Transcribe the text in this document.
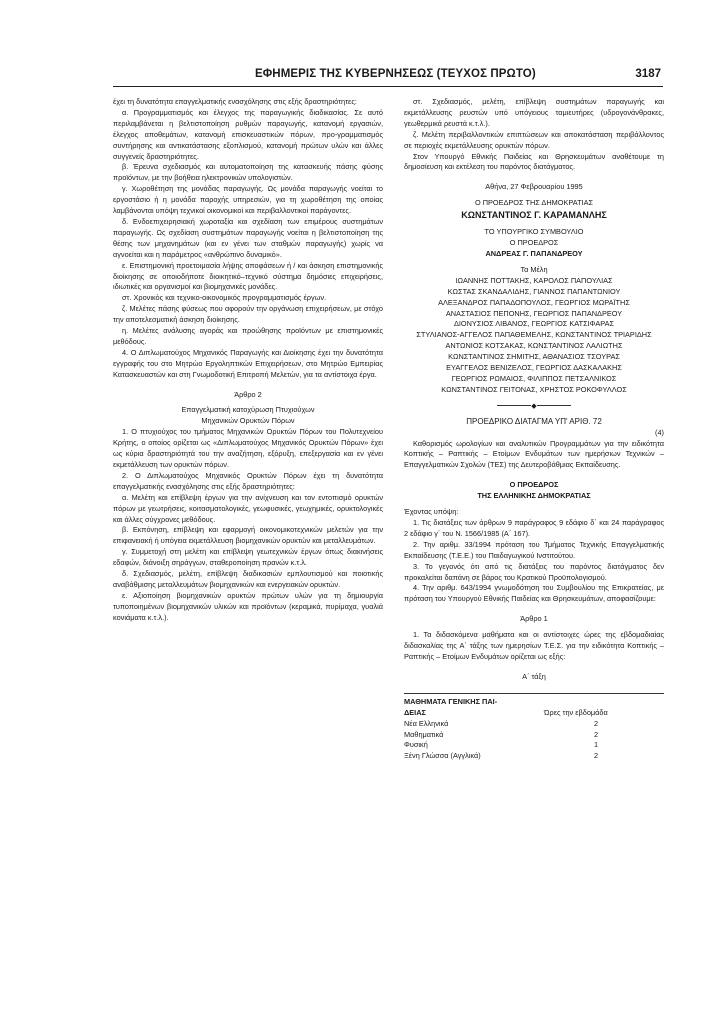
ΕΦΗΜΕΡΙΣ ΤΗΣ ΚΥΒΕΡΝΗΣΕΩΣ (ΤΕΥΧΟΣ ΠΡΩΤΟ)	3187

έχει τη δυνατότητα επαγγελματικής ενασχόλησης στις εξής δραστηριότητες:

α. Προγραμματισμός και έλεγχος της παραγωγικής διαδικασίας. Σε αυτό περιλαμβάνεται η βελτιστοποίηση ρυθμών παραγωγής, κατανομή εργασιών, έλεγχος αποθεμάτων, κατανομή επισκευαστικών πόρων, προ-γραμματισμός συντήρησης και αντικατάστασης εξοπλισμού, κατανομή πρώτων υλών και άλλες συγγενείς δραστηριότητες.

β. Έρευνα σχεδιασμός και αυτοματοποίηση της κατασκευής πάσης φύσης προϊόντων, με την βοήθεια ηλεκτρονικών υπολογιστών.

γ. Χωροθέτηση της μονάδας παραγωγής. Ως μονάδα παραγωγής νοείται το εργοστάσιο ή η μονάδα παροχής υπηρεσιών, για τη χωροθέτηση της οποίας λαμβάνονται υπόψη τεχνικοί οικονομικοί και περιβαλλοντικοί παράγοντες.

δ. Ενδοεπιχειρησιακή χωροταξία και σχεδίαση των επιμέρους συστημάτων παραγωγής. Ως σχεδίαση συστημάτων παραγωγής νοείται η βελτιστοποίηση της θέσης των μηχανημάτων (και εν γένει των σταθμών παραγωγής) χωρίς να αγνοείται και η παράμετρος «ανθρώπινο δυναμικό».

ε. Επιστημονική προετοιμασία λήψης αποφάσεων ή / και άσκηση επιστημονικής διοίκησης σε οποιοδήποτε διοικητικό–τεχνικό σύστημα δημόσιες επιχειρήσεις, ιδιωτικές και οργανισμοί και βιομηχανικές μονάδες.

στ. Χρονικός και τεχνικο-οικονομικός προγραμματισμός έργων.

ζ. Μελέτες πάσης φύσεως που αφορούν την οργάνωση επιχειρήσεων, με στόχο την αποτελεσματική άσκηση διοίκησης.

η. Μελέτες ανάλυσης αγοράς και προώθησης προϊόντων με επιστημονικές μεθόδους.

4. Ο Διπλωματούχος Μηχανικός Παραγωγής και Διοίκησης έχει την δυνατότητα εγγραφής του στο Μητρώο Εργοληπτικών Επιχειρήσεων, στο Μητρώο Εμπειρίας Κατασκευαστών και στη Γνωμοδοτική Επιτροπή Μελετών, για τα αντίστοιχα έργα.

Άρθρο 2

Επαγγελματική κατοχύρωση Πτυχιούχων

Μηχανικών Ορυκτών Πόρων

1. Ο πτυχιούχος του τμήματος Μηχανικών Ορυκτών Πόρων του Πολυτεχνείου Κρήτης, ο οποίος ορίζεται ως «Διπλωματούχος Μηχανικός Ορυκτών Πόρων» έχει ως κύρια δραστηριότητά του την αναζήτηση, εξόρυξη, επεξεργασία και εν γένει εκμετάλλευση των ορυκτών πόρων.

2. Ο Διπλωματούχος Μηχανικός Ορυκτών Πόρων έχει τη δυνατότητα επαγγελματικής ενασχόλησης στις εξής δραστηριότητες:

α. Μελέτη και επίβλεψη έργων για την ανίχνευση και τον εντοπισμό ορυκτών πόρων με γεωτρήσεις, κοιτασματολογικές, γεωφυσικές, γεωχημικές, ορυκτολογικές και άλλες σύγχρονες μεθόδους.

β. Εκπόνηση, επίβλεψη και εφαρμογή οικονομικοτεχνικών μελετών για την επιφανειακή ή υπόγεια εκμετάλλευση βιομηχανικών ορυκτών και μεταλλευμάτων.

γ. Συμμετοχή στη μελέτη και επίβλεψη γεωτεχνικών έργων όπως διακινήσεις εδαφών, διάνοιξη σηράγγων, σταθεροποίηση πρανών κ.τ.λ.

δ. Σχεδιασμός, μελέτη, επίβλεψη διαδικασιών εμπλουτισμού και ποιοτικής αναβάθμισης μεταλλευμάτων βιομηχανικών και ενεργειακών ορυκτών.

ε. Αξιοποίηση βιομηχανικών ορυκτών πρώτων υλών για τη δημιουργία τυποποιημένων βιομηχανικών υλικών και προϊόντων (κεραμικά, πυρίμαχα, γυαλιά κονιάματα κ.τ.λ.).

στ. Σχεδιασμός, μελέτη, επίβλεψη συστημάτων παραγωγής και εκμετάλλευσης ρευστών υπό υπόγειους ταμιευτήρες (υδρογονάνθρακες, γεωθερμικά ρευστά κ.τ.λ.).

ζ. Μελέτη περιβαλλοντικών επιπτώσεων και αποκατάσταση περιβάλλοντος σε περιοχές εκμετάλλευσης ορυκτών πόρων.

Στον Υπουργό Εθνικής Παιδείας και Θρησκευμάτων αναθέτουμε τη δημοσίευση και εκτέλεση του παρόντος διατάγματος.

Αθήνα, 27 Φεβρουαρίου 1995

Ο ΠΡΟΕΔΡΟΣ ΤΗΣ ΔΗΜΟΚΡΑΤΙΑΣ

ΚΩΝΣΤΑΝΤΙΝΟΣ Γ. ΚΑΡΑΜΑΝΛΗΣ

ΤΟ ΥΠΟΥΡΓΙΚΟ ΣΥΜΒΟΥΛΙΟ

Ο ΠΡΟΕΔΡΟΣ

ΑΝΔΡΕΑΣ Γ. ΠΑΠΑΝΔΡΕΟΥ

Τα Μέλη

ΙΩΑΝΝΗΣ ΠΟΤΤΑΚΗΣ, ΚΑΡΟΛΟΣ ΠΑΠΟΥΛΙΑΣ

ΚΩΣΤΑΣ ΣΚΑΝΔΑΛΙΔΗΣ, ΓΙΑΝΝΟΣ ΠΑΠΑΝΤΩΝΙΟΥ

ΑΛΕΞΑΝΔΡΟΣ ΠΑΠΑΔΟΠΟΥΛΟΣ, ΓΕΩΡΓΙΟΣ ΜΩΡΑΪΤΗΣ

ΑΝΑΣΤΑΣΙΟΣ ΠΕΠΟΝΗΣ, ΓΕΩΡΓΙΟΣ ΠΑΠΑΝΔΡΕΟΥ

ΔΙΟΝΥΣΙΟΣ ΛΙΒΑΝΟΣ, ΓΕΩΡΓΙΟΣ ΚΑΤΣΙΦΑΡΑΣ

ΣΤΥΛΙΑΝΟΣ-ΑΓΓΕΛΟΣ ΠΑΠΑΘΕΜΕΛΗΣ, ΚΩΝΣΤΑΝΤΙΝΟΣ ΤΡΙΑΡΙΔΗΣ

ΑΝΤΩΝΙΟΣ ΚΟΤΣΑΚΑΣ, ΚΩΝΣΤΑΝΤΙΝΟΣ ΛΑΛΙΩΤΗΣ

ΚΩΝΣΤΑΝΤΙΝΟΣ ΣΗΜΙΤΗΣ, ΑΘΑΝΑΣΙΟΣ ΤΣΟΥΡΑΣ

ΕΥΑΓΓΕΛΟΣ ΒΕΝΙΖΕΛΟΣ, ΓΕΩΡΓΙΟΣ ΔΑΣΚΑΛΑΚΗΣ

ΓΕΩΡΓΙΟΣ ΡΩΜΑΙΟΣ, ΦΙΛΙΠΠΟΣ ΠΕΤΣΑΛΝΙΚΟΣ

ΚΩΝΣΤΑΝΤΙΝΟΣ ΓΕΙΤΟΝΑΣ, ΧΡΗΣΤΟΣ ΡΟΚΟΦΥΛΛΟΣ

◆

ΠΡΟΕΔΡΙΚΟ ΔΙΑΤΑΓΜΑ ΥΠ' ΑΡΙΘ. 72

(4)

Καθορισμός ωρολογίων και αναλυτικών Προγραμμάτων για την ειδικότητα Κοπτικής – Ραπτικής – Ετοίμων Ενδυμάτων των ημερήσιων Τεχνικών – Επαγγελματικών Σχολών (ΤΕΣ) της Δευτεροβάθμιας Εκπαίδευσης.

Ο ΠΡΟΕΔΡΟΣ

ΤΗΣ ΕΛΛΗΝΙΚΗΣ ΔΗΜΟΚΡΑΤΙΑΣ

Έχοντας υπόψη:

1. Τις διατάξεις των άρθρων 9 παράγραφος 9 εδάφιο δ΄ και 24 παράγραφος 2 εδάφιο γ΄ του Ν. 1566/1985 (Α΄ 167).

2. Την αριθμ. 33/1994 πρόταση του Τμήματος Τεχνικής Επαγγελματικής Εκπαίδευσης (Τ.Ε.Ε.) του Παιδαγωγικού Ινστιτούτου.

3. Το γεγονός ότι από τις διατάξεις του παρόντος διατάγματος δεν προκαλείται δαπάνη σε βάρος του Κρατικού Προϋπολογισμού.

4. Την αριθμ. 643/1994 γνωμοδότηση του Συμβουλίου της Επικρατείας, με πρόταση του Υπουργού Εθνικής Παιδείας και Θρησκευμάτων, αποφασίζουμε:

Άρθρο 1

1. Τα διδασκόμενα μαθήματα και οι αντίστοιχες ώρες της εβδομαδιαίας διδασκαλίας της Α΄ τάξης των ημερησίων Τ.Ε.Σ. για την ειδικότητα Κοπτικής – Ραπτικής – Ετοίμων Ενδυμάτων ορίζεται ως εξής:

Α΄ τάξη

ΜΑΘΗΜΑΤΑ ΓΕΝΙΚΗΣ ΠΑΙ-
ΔΕΙΑΣ	Ώρες την εβδομάδα
Νέα Ελληνικά	2
Μαθηματικά	2
Φυσική	1
Ξένη Γλώσσα (Αγγλικά)	2
